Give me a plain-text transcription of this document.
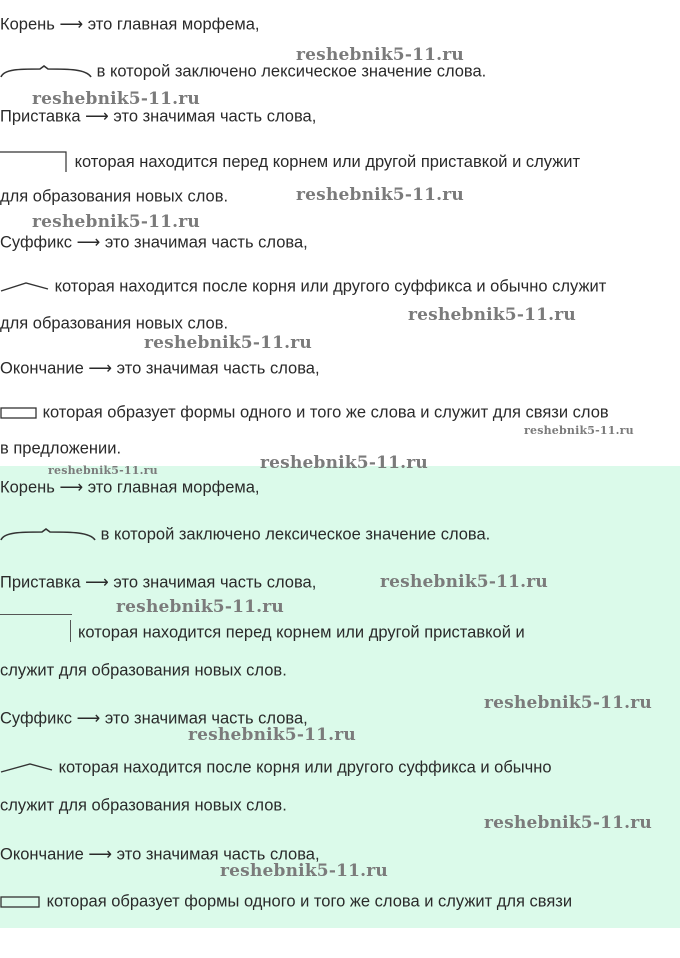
Корень ⟶ это главная морфема,
в которой заключено лексическое значение слова.
Приставка ⟶ это значимая часть слова,
которая находится перед корнем или другой приставкой и служит
для образования новых слов.
Суффикс ⟶ это значимая часть слова,
которая находится после корня или другого суффикса и обычно служит
для образования новых слов.
Окончание ⟶ это значимая часть слова,
которая образует формы одного и того же слова и служит для связи слов
в предложении.
Корень ⟶ это главная морфема,
в которой заключено лексическое значение слова.
Приставка ⟶ это значимая часть слова,
которая находится перед корнем или другой приставкой и
служит для образования новых слов.
Суффикс ⟶ это значимая часть слова,
которая находится после корня или другого суффикса и обычно
служит для образования новых слов.
Окончание ⟶ это значимая часть слова,
которая образует формы одного и того же слова и служит для связи
reshebnik5-11.ru
reshebnik5-11.ru
reshebnik5-11.ru
reshebnik5-11.ru
reshebnik5-11.ru
reshebnik5-11.ru
reshebnik5-11.ru
reshebnik5-11.ru
reshebnik5-11.ru
reshebnik5-11.ru
reshebnik5-11.ru
reshebnik5-11.ru
reshebnik5-11.ru
reshebnik5-11.ru
reshebnik5-11.ru
